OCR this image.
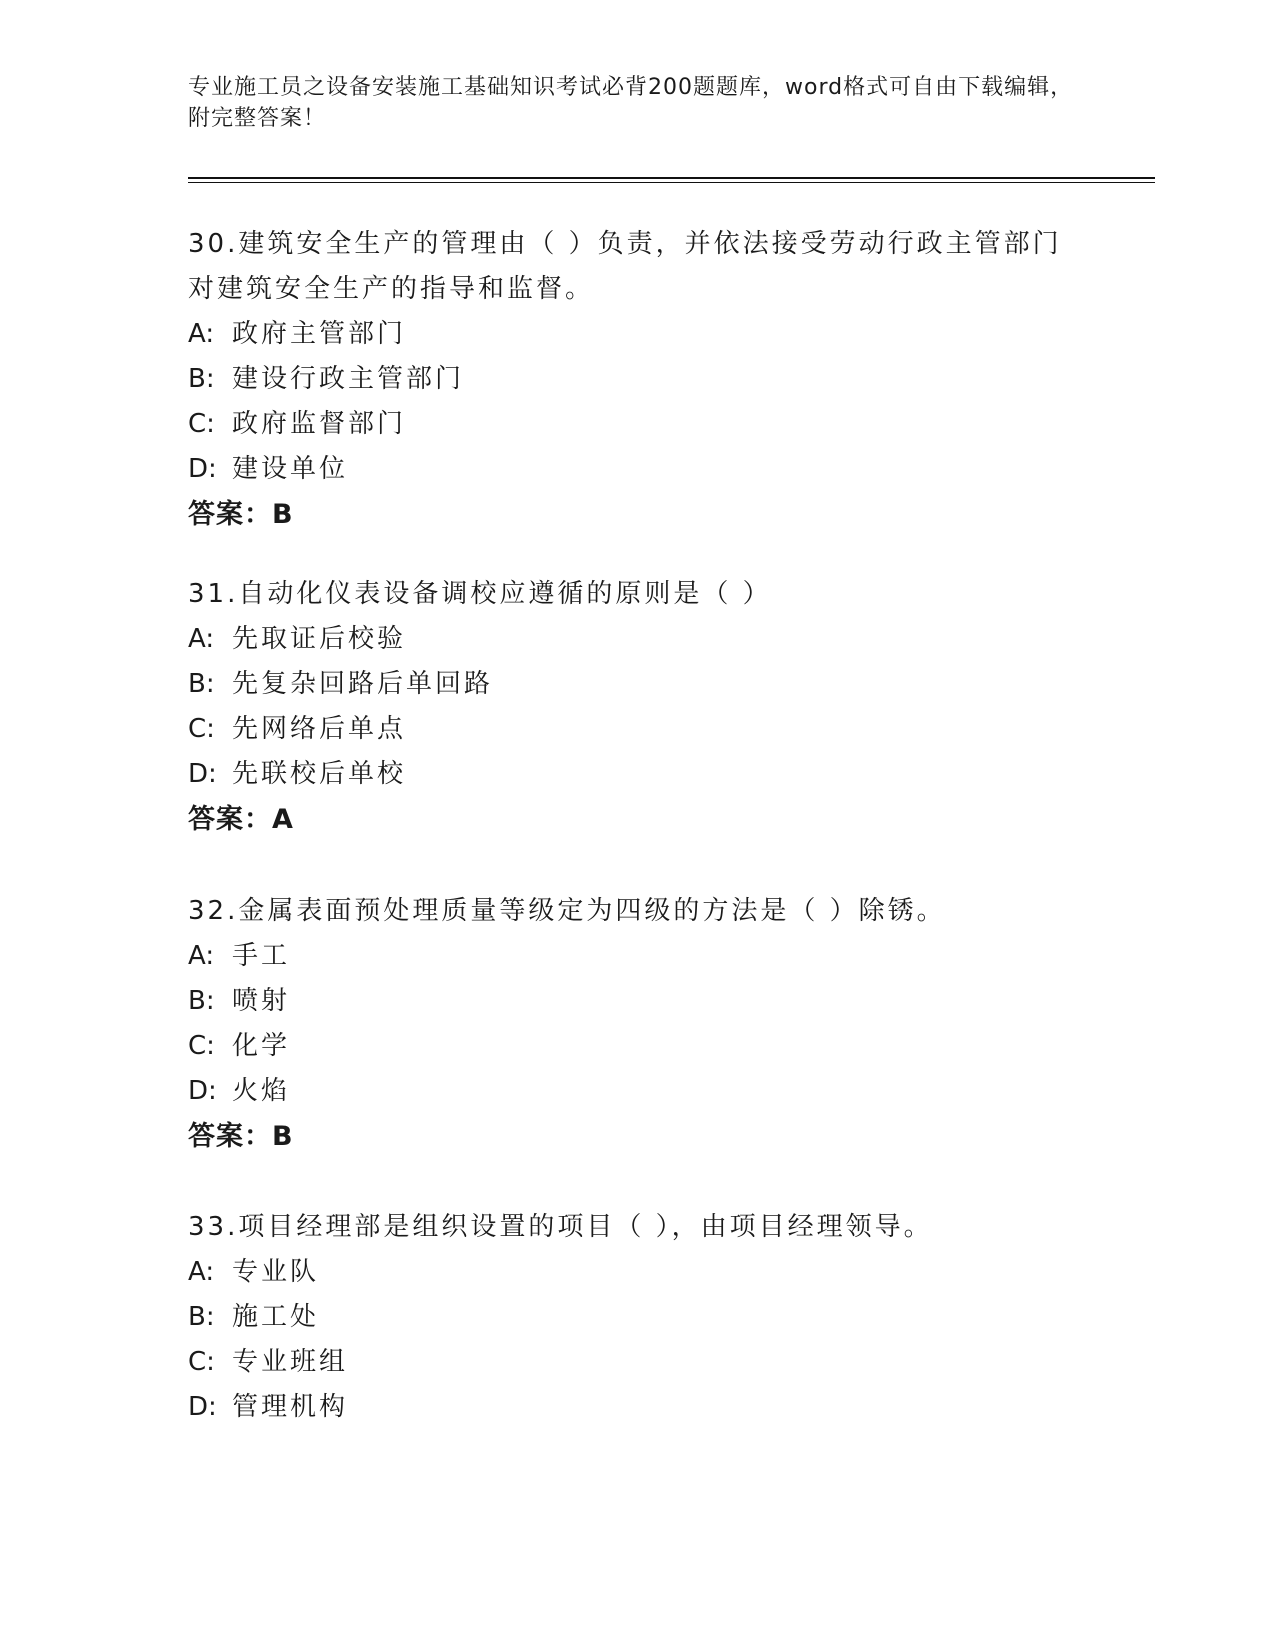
专业施工员之设备安装施工基础知识考试必背200题题库，word格式可自由下载编辑，附完整答案！

30.建筑安全生产的管理由（ ）负责，并依法接受劳动行政主管部门对建筑安全生产的指导和监督。

A: 政府主管部门

B: 建设行政主管部门

C: 政府监督部门

D: 建设单位

答案：B

31.自动化仪表设备调校应遵循的原则是（ ）

A: 先取证后校验

B: 先复杂回路后单回路

C: 先网络后单点

D: 先联校后单校

答案：A

32.金属表面预处理质量等级定为四级的方法是（ ）除锈。

A: 手工

B: 喷射

C: 化学

D: 火焰

答案：B

33.项目经理部是组织设置的项目（ ），由项目经理领导。

A: 专业队

B: 施工处

C: 专业班组

D: 管理机构
